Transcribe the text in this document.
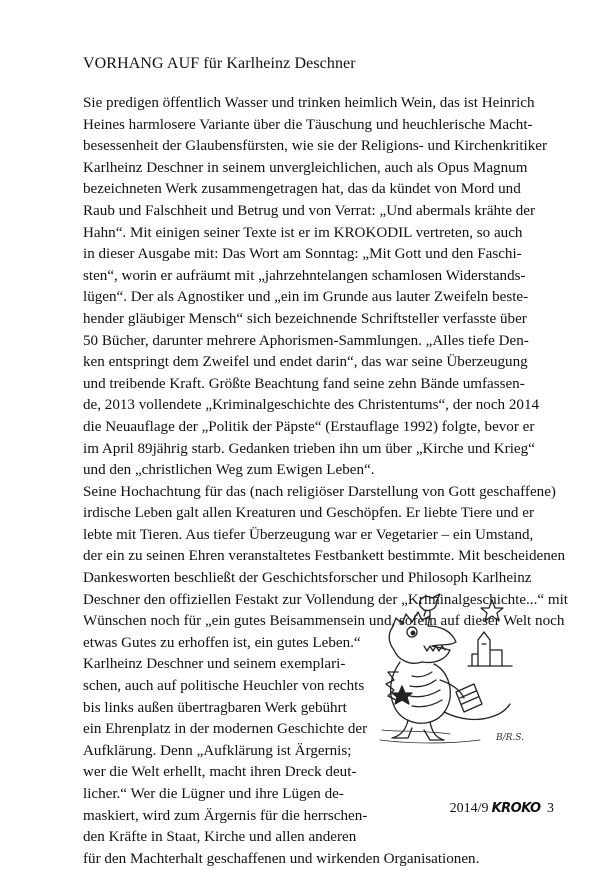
VORHANG AUF für Karlheinz Deschner
Sie predigen öffentlich Wasser und trinken heimlich Wein, das ist Heinrich
Heines harmlosere Variante über die Täuschung und heuchlerische Macht-
besessenheit der Glaubensfürsten, wie sie der Religions- und Kirchenkritiker
Karlheinz Deschner in seinem unvergleichlichen, auch als Opus Magnum
bezeichneten Werk zusammengetragen hat, das da kündet von Mord und
Raub und Falschheit und Betrug und von Verrat: „Und abermals krähte der
Hahn“. Mit einigen seiner Texte ist er im KROKODIL vertreten, so auch
in dieser Ausgabe mit: Das Wort am Sonntag: „Mit Gott und den Faschi-
sten“, worin er aufräumt mit „jahrzehntelangen schamlosen Widerstands-
lügen“. Der als Agnostiker und „ein im Grunde aus lauter Zweifeln beste-
hender gläubiger Mensch“ sich bezeichnende Schriftsteller verfasste über
50 Bücher, darunter mehrere Aphorismen-Sammlungen. „Alles tiefe Den-
ken entspringt dem Zweifel und endet darin“, das war seine Überzeugung
und treibende Kraft. Größte Beachtung fand seine zehn Bände umfassen-
de, 2013 vollendete „Kriminalgeschichte des Christentums“, der noch 2014
die Neuauflage der „Politik der Päpste“ (Erstauflage 1992) folgte, bevor er
im April 89jährig starb. Gedanken trieben ihn um über „Kirche und Krieg“
und den „christlichen Weg zum Ewigen Leben“.
Seine Hochachtung für das (nach religiöser Darstellung von Gott geschaffene)
irdische Leben galt allen Kreaturen und Geschöpfen. Er liebte Tiere und er
lebte mit Tieren. Aus tiefer Überzeugung war er Vegetarier – ein Umstand,
der ein zu seinen Ehren veranstaltetes Festbankett bestimmte. Mit bescheidenen
Dankesworten beschließt der Geschichtsforscher und Philosoph Karlheinz
Deschner den offiziellen Festakt zur Vollendung der „Kriminalgeschichte...“ mit
Wünschen noch für „ein gutes Beisammensein und, sofern auf dieser Welt noch
etwas Gutes zu erhoffen ist, ein gutes Leben.“
Karlheinz Deschner und seinem exemplari-
schen, auch auf politische Heuchler von rechts
bis links außen übertragbaren Werk gebührt
ein Ehrenplatz in der modernen Geschichte der
Aufklärung. Denn „Aufklärung ist Ärgernis;
wer die Welt erhellt, macht ihren Dreck deut-
licher.“ Wer die Lügner und ihre Lügen de-
maskiert, wird zum Ärgernis für die herrschen-
den Kräfte in Staat, Kirche und allen anderen
für den Machterhalt geschaffenen und wirkenden Organisationen.
B/R.S.
2014/9 KROKO 3
